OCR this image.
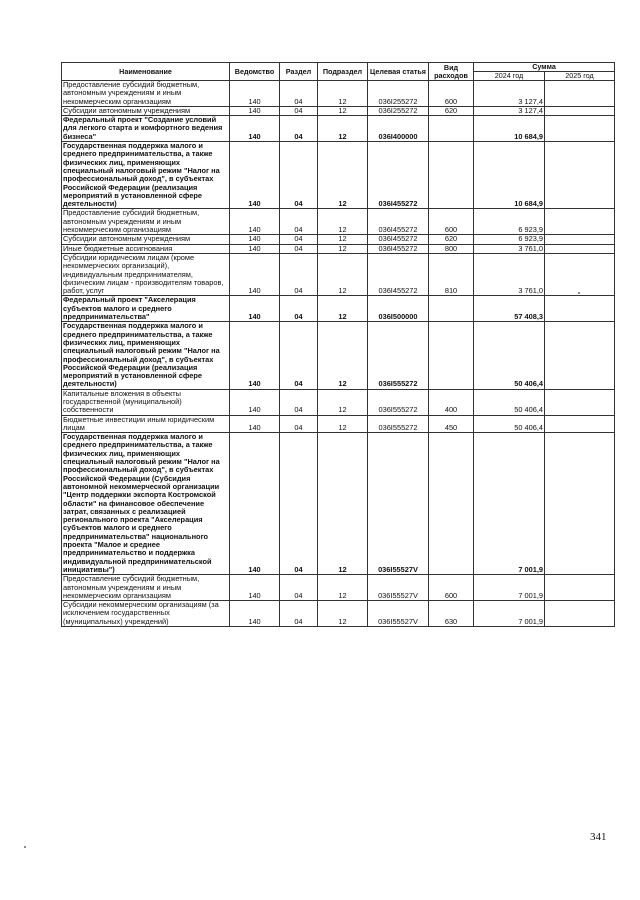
Наименование	Ведомство	Раздел	Подраздел	Целевая статья	Вид расходов	Сумма	
						2024 год	2025 год
Предоставление субсидий бюджетным, автономным учреждениям и иным некоммерческим организациям	140	04	12	036I255272	600	3 127,4	
Субсидии автономным учреждениям	140	04	12	036I255272	620	3 127,4	
Федеральный проект "Создание условий для легкого старта и комфортного ведения бизнеса"	140	04	12	036I400000		10 684,9	
Государственная поддержка малого и среднего предпринимательства, а также физических лиц, применяющих специальный налоговый режим "Налог на профессиональный доход", в субъектах Российской Федерации (реализация мероприятий в установленной сфере деятельности)	140	04	12	036I455272		10 684,9	
Предоставление субсидий бюджетным, автономным учреждениям и иным некоммерческим организациям	140	04	12	036I455272	600	6 923,9	
Субсидии автономным учреждениям	140	04	12	036I455272	620	6 923,9	
Иные бюджетные ассигнования	140	04	12	036I455272	800	3 761,0	
Субсидии юридическим лицам (кроме некоммерческих организаций), индивидуальным предпринимателям, физическим лицам - производителям товаров, работ, услуг	140	04	12	036I455272	810	3 761,0	
Федеральный проект "Акселерация субъектов малого и среднего предпринимательства"	140	04	12	036I500000		57 408,3	
Государственная поддержка малого и среднего предпринимательства, а также физических лиц, применяющих специальный налоговый режим "Налог на профессиональный доход", в субъектах Российской Федерации (реализация мероприятий в установленной сфере деятельности)	140	04	12	036I555272		50 406,4	
Капитальные вложения в объекты государственной (муниципальной) собственности	140	04	12	036I555272	400	50 406,4	
Бюджетные инвестиции иным юридическим лицам	140	04	12	036I555272	450	50 406,4	
Государственная поддержка малого и среднего предпринимательства, а также физических лиц, применяющих специальный налоговый режим "Налог на профессиональный доход", в субъектах Российской Федерации (Субсидия автономной некоммерческой организации "Центр поддержки экспорта Костромской области" на финансовое обеспечение затрат, связанных с реализацией регионального проекта "Акселерация субъектов малого и среднего предпринимательства" национального проекта "Малое и среднее предпринимательство и поддержка индивидуальной предпринимательской инициативы")	140	04	12	036I55527V		7 001,9	
Предоставление субсидий бюджетным, автономным учреждениям и иным некоммерческим организациям	140	04	12	036I55527V	600	7 001,9	
Субсидии некоммерческим организациям (за исключением государственных (муниципальных) учреждений)	140	04	12	036I55527V	630	7 001,9	
341
